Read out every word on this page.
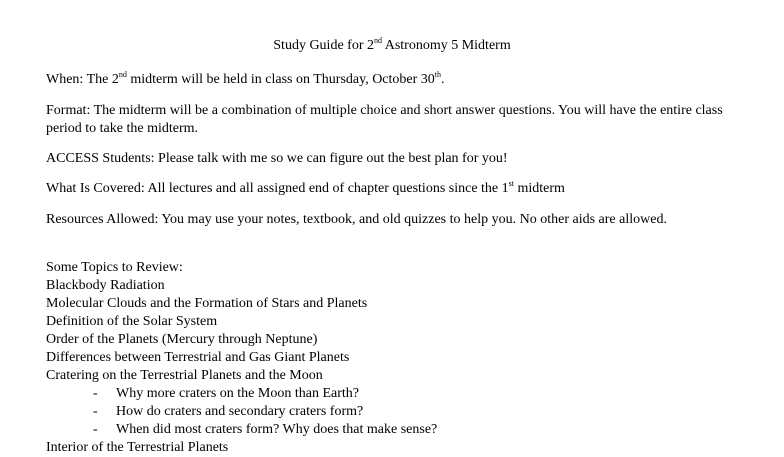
Study Guide for 2nd Astronomy 5 Midterm
When: The 2nd midterm will be held in class on Thursday, October 30th.
Format: The midterm will be a combination of multiple choice and short answer questions. You will have the entire class period to take the midterm.
ACCESS Students: Please talk with me so we can figure out the best plan for you!
What Is Covered: All lectures and all assigned end of chapter questions since the 1st midterm
Resources Allowed: You may use your notes, textbook, and old quizzes to help you. No other aids are allowed.
Some Topics to Review:
Blackbody Radiation
Molecular Clouds and the Formation of Stars and Planets
Definition of the Solar System
Order of the Planets (Mercury through Neptune)
Differences between Terrestrial and Gas Giant Planets
Cratering on the Terrestrial Planets and the Moon
- Why more craters on the Moon than Earth?
- How do craters and secondary craters form?
- When did most craters form? Why does that make sense?
Interior of the Terrestrial Planets
